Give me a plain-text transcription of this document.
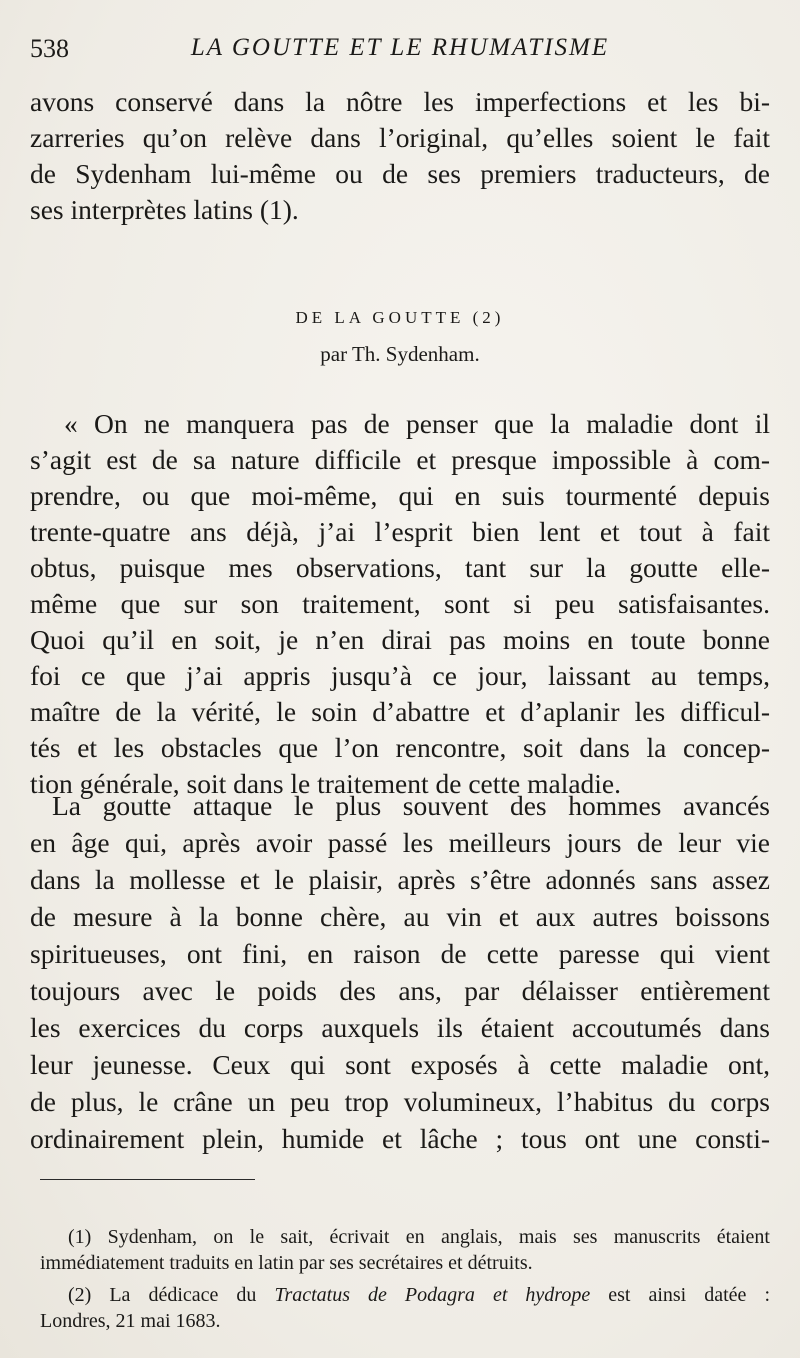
538	LA GOUTTE ET LE RHUMATISME
avons conservé dans la nôtre les imperfections et les bi-
zarreries qu’on relève dans l’original, qu’elles soient le fait
de Sydenham lui-même ou de ses premiers traducteurs, de
ses interprètes latins (1).
DE LA GOUTTE (2)
par Th. Sydenham.
« On ne manquera pas de penser que la maladie dont il
s’agit est de sa nature difficile et presque impossible à com-
prendre, ou que moi-même, qui en suis tourmenté depuis
trente-quatre ans déjà, j’ai l’esprit bien lent et tout à fait
obtus, puisque mes observations, tant sur la goutte elle-
même que sur son traitement, sont si peu satisfaisantes.
Quoi qu’il en soit, je n’en dirai pas moins en toute bonne
foi ce que j’ai appris jusqu’à ce jour, laissant au temps,
maître de la vérité, le soin d’abattre et d’aplanir les difficul-
tés et les obstacles que l’on rencontre, soit dans la concep-
tion générale, soit dans le traitement de cette maladie.
La goutte attaque le plus souvent des hommes avancés
en âge qui, après avoir passé les meilleurs jours de leur vie
dans la mollesse et le plaisir, après s’être adonnés sans assez
de mesure à la bonne chère, au vin et aux autres boissons
spiritueuses, ont fini, en raison de cette paresse qui vient
toujours avec le poids des ans, par délaisser entièrement
les exercices du corps auxquels ils étaient accoutumés dans
leur jeunesse. Ceux qui sont exposés à cette maladie ont,
de plus, le crâne un peu trop volumineux, l’habitus du corps
ordinairement plein, humide et lâche ; tous ont une consti-
(1) Sydenham, on le sait, écrivait en anglais, mais ses manuscrits étaient
immédiatement traduits en latin par ses secrétaires et détruits.
(2) La dédicace du Tractatus de Podagra et hydrope est ainsi datée :
Londres, 21 mai 1683.
